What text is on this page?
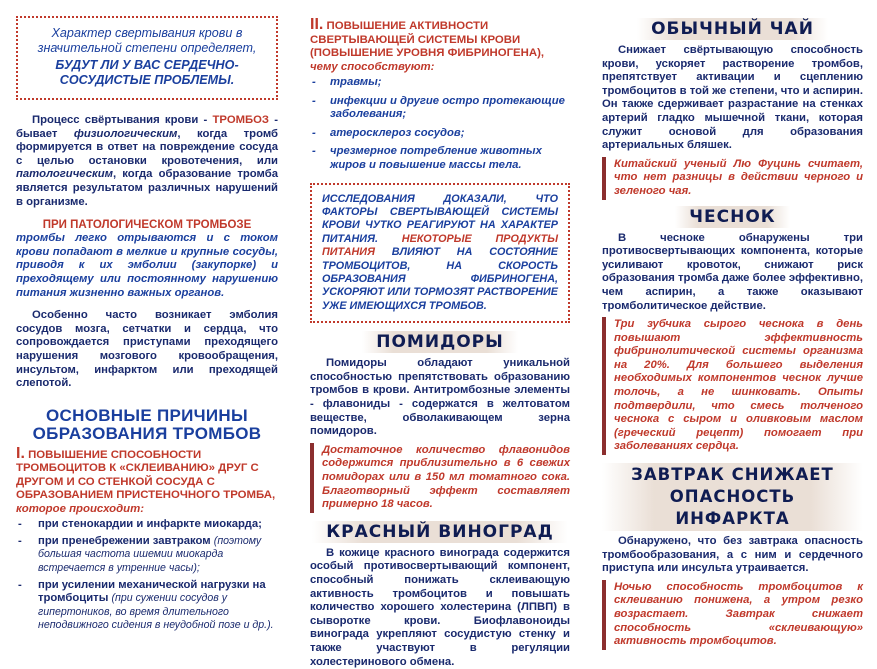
Характер свертывания крови в значительной степени определяет,
БУДУТ ЛИ У ВАС СЕРДЕЧНО-СОСУДИСТЫЕ ПРОБЛЕМЫ.

Процесс свёртывания крови - ТРОМБОЗ - бывает физиологическим, когда тромб формируется в ответ на повреждение сосуда с целью остановки кровотечения, или патологическим, когда образование тромба является результатом различных нарушений в организме.

ПРИ ПАТОЛОГИЧЕСКОМ ТРОМБОЗЕ

тромбы легко отрываются и с током крови попадают в мелкие и крупные сосуды, приводя к их эмболии (закупорке) и преходящему или постоянному нарушению питания жизненно важных органов.

Особенно часто возникает эмболия сосудов мозга, сетчатки и сердца, что сопровождается приступами преходящего нарушения мозгового кровообращения, инсультом, инфарктом или преходящей слепотой.

ОСНОВНЫЕ ПРИЧИНЫ ОБРАЗОВАНИЯ ТРОМБОВ
I. ПОВЫШЕНИЕ СПОСОБНОСТИ ТРОМБОЦИТОВ К «СКЛЕИВАНИЮ» ДРУГ С ДРУГОМ И СО СТЕНКОЙ СОСУДА С ОБРАЗОВАНИЕМ ПРИСТЕНОЧНОГО ТРОМБА, которое происходит:
- при стенокардии и инфаркте миокарда;
- при пренебрежении завтраком (поэтому большая частота ишемии миокарда встречается в утренние часы);
- при усилении механической нагрузки на тромбоциты (при сужении сосудов у гипертоников, во время длительного неподвижного сидения в неудобной позе и др.).
II. ПОВЫШЕНИЕ АКТИВНОСТИ СВЕРТЫВАЮЩЕЙ СИСТЕМЫ КРОВИ (ПОВЫШЕНИЕ УРОВНЯ ФИБРИНОГЕНА), чему способствуют:
- травмы;
- инфекции и другие остро протекающие заболевания;
- атеросклероз сосудов;
- чрезмерное потребление животных жиров и повышение массы тела.
ИССЛЕДОВАНИЯ ДОКАЗАЛИ, ЧТО ФАКТОРЫ СВЕРТЫВАЮЩЕЙ СИСТЕМЫ КРОВИ ЧУТКО РЕАГИРУЮТ НА ХАРАКТЕР ПИТАНИЯ. НЕКОТОРЫЕ ПРОДУКТЫ ПИТАНИЯ ВЛИЯЮТ НА СОСТОЯНИЕ ТРОМБОЦИТОВ, НА СКОРОСТЬ ОБРАЗОВАНИЯ ФИБРИНОГЕНА, УСКОРЯЮТ ИЛИ ТОРМОЗЯТ РАСТВОРЕНИЕ УЖЕ ИМЕЮЩИХСЯ ТРОМБОВ.
ПОМИДОРЫ

Помидоры обладают уникальной способностью препятствовать образованию тромбов в крови. Антитромбозные элементы - флавониды - содержатся в желтоватом веществе, обволакивающем зерна помидоров.

Достаточное количество флавонидов содержится приблизительно в 6 свежих помидорах или в 150 мл томатного сока. Благотворный эффект составляет примерно 18 часов.
КРАСНЫЙ ВИНОГРАД

В кожице красного винограда содержится особый противосвертывающий компонент, способный понижать склеивающую активность тромбоцитов и повышать количество хорошего холестерина (ЛПВП) в сыворотке крови. Биофлавоноиды винограда укрепляют сосудистую стенку и также участвуют в регуляции холестеринового обмена.

ОБЫЧНЫЙ ЧАЙ

Снижает свёртывающую способность крови, ускоряет растворение тромбов, препятствует активации и сцеплению тромбоцитов в той же степени, что и аспирин. Он также сдерживает разрастание на стенках артерий гладко мышечной ткани, которая служит основой для образования артериальных бляшек.

Китайский ученый Лю Фуцинь считает, что нет разницы в действии черного и зеленого чая.
ЧЕСНОК

В чесноке обнаружены три противосвертывающих компонента, которые усиливают кровоток, снижают риск образования тромба даже более эффективно, чем аспирин, а также оказывают тромболитическое действие.

Три зубчика сырого чеснока в день повышают эффективность фибринолитической системы организма на 20%. Для большего выделения необходимых компонентов чеснок лучше толочь, а не шинковать. Опыты подтвердили, что смесь толченого чеснока с сыром и оливковым маслом (греческий рецепт) помогает при заболеваниях сердца.
ЗАВТРАК СНИЖАЕТ
ОПАСНОСТЬ ИНФАРКТА

Обнаружено, что без завтрака опасность тромбообразования, а с ним и сердечного приступа или инсульта утраивается.

Ночью способность тромбоцитов к склеиванию понижена, а утром резко возрастает. Завтрак снижает способность «склеивающую» активность тромбоцитов.
